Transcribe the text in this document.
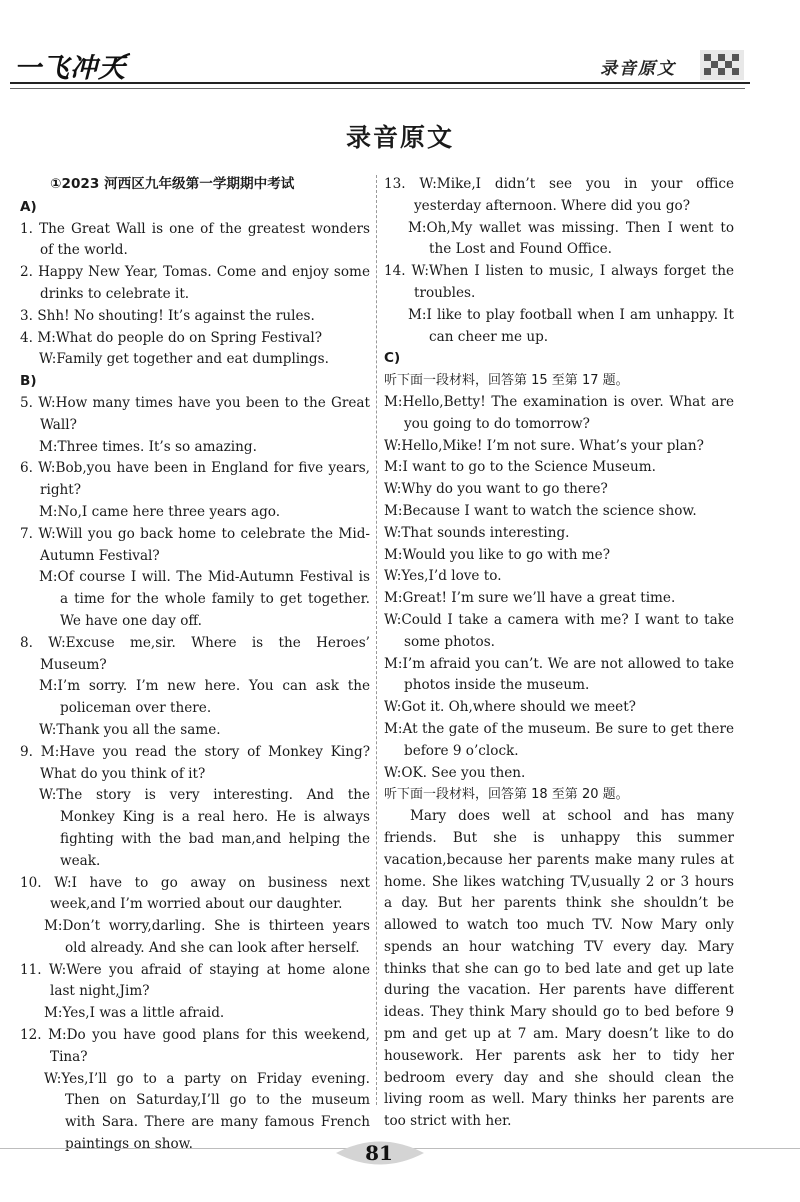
一飞冲天	录音原文
录音原文
①2023 河西区九年级第一学期期中考试
A)
1. The Great Wall is one of the greatest wonders of the world.
2. Happy New Year, Tomas. Come and enjoy some drinks to celebrate it.
3. Shh! No shouting! It’s against the rules.
4. M:What do people do on Spring Festival?
W:Family get together and eat dumplings.
B)
5. W:How many times have you been to the Great Wall?
M:Three times. It’s so amazing.
6. W:Bob,you have been in England for five years, right?
M:No,I came here three years ago.
7. W:Will you go back home to celebrate the Mid-Autumn Festival?
M:Of course I will. The Mid-Autumn Festival is a time for the whole family to get together. We have one day off.
8. W:Excuse me,sir. Where is the Heroes’ Museum?
M:I’m sorry. I’m new here. You can ask the policeman over there.
W:Thank you all the same.
9. M:Have you read the story of Monkey King? What do you think of it?
W:The story is very interesting. And the Monkey King is a real hero. He is always fighting with the bad man,and helping the weak.
10. W:I have to go away on business next week,and I’m worried about our daughter.
M:Don’t worry,darling. She is thirteen years old already. And she can look after herself.
11. W:Were you afraid of staying at home alone last night,Jim?
M:Yes,I was a little afraid.
12. M:Do you have good plans for this weekend, Tina?
W:Yes,I’ll go to a party on Friday evening. Then on Saturday,I’ll go to the museum with Sara. There are many famous French paintings on show.
13. W:Mike,I didn’t see you in your office yesterday afternoon. Where did you go?
M:Oh,My wallet was missing. Then I went to the Lost and Found Office.
14. W:When I listen to music, I always forget the troubles.
M:I like to play football when I am unhappy. It can cheer me up.
C)
听下面一段材料，回答第 15 至第 17 题。
M:Hello,Betty! The examination is over. What are you going to do tomorrow?
W:Hello,Mike! I’m not sure. What’s your plan?
M:I want to go to the Science Museum.
W:Why do you want to go there?
M:Because I want to watch the science show.
W:That sounds interesting.
M:Would you like to go with me?
W:Yes,I’d love to.
M:Great! I’m sure we’ll have a great time.
W:Could I take a camera with me? I want to take some photos.
M:I’m afraid you can’t. We are not allowed to take photos inside the museum.
W:Got it. Oh,where should we meet?
M:At the gate of the museum. Be sure to get there before 9 o’clock.
W:OK. See you then.
听下面一段材料，回答第 18 至第 20 题。
Mary does well at school and has many friends. But she is unhappy this summer vacation,because her parents make many rules at home. She likes watching TV,usually 2 or 3 hours a day. But her parents think she shouldn’t be allowed to watch too much TV. Now Mary only spends an hour watching TV every day. Mary thinks that she can go to bed late and get up late during the vacation. Her parents have different ideas. They think Mary should go to bed before 9 pm and get up at 7 am. Mary doesn’t like to do housework. Her parents ask her to tidy her bedroom every day and she should clean the living room as well. Mary thinks her parents are too strict with her.
81
